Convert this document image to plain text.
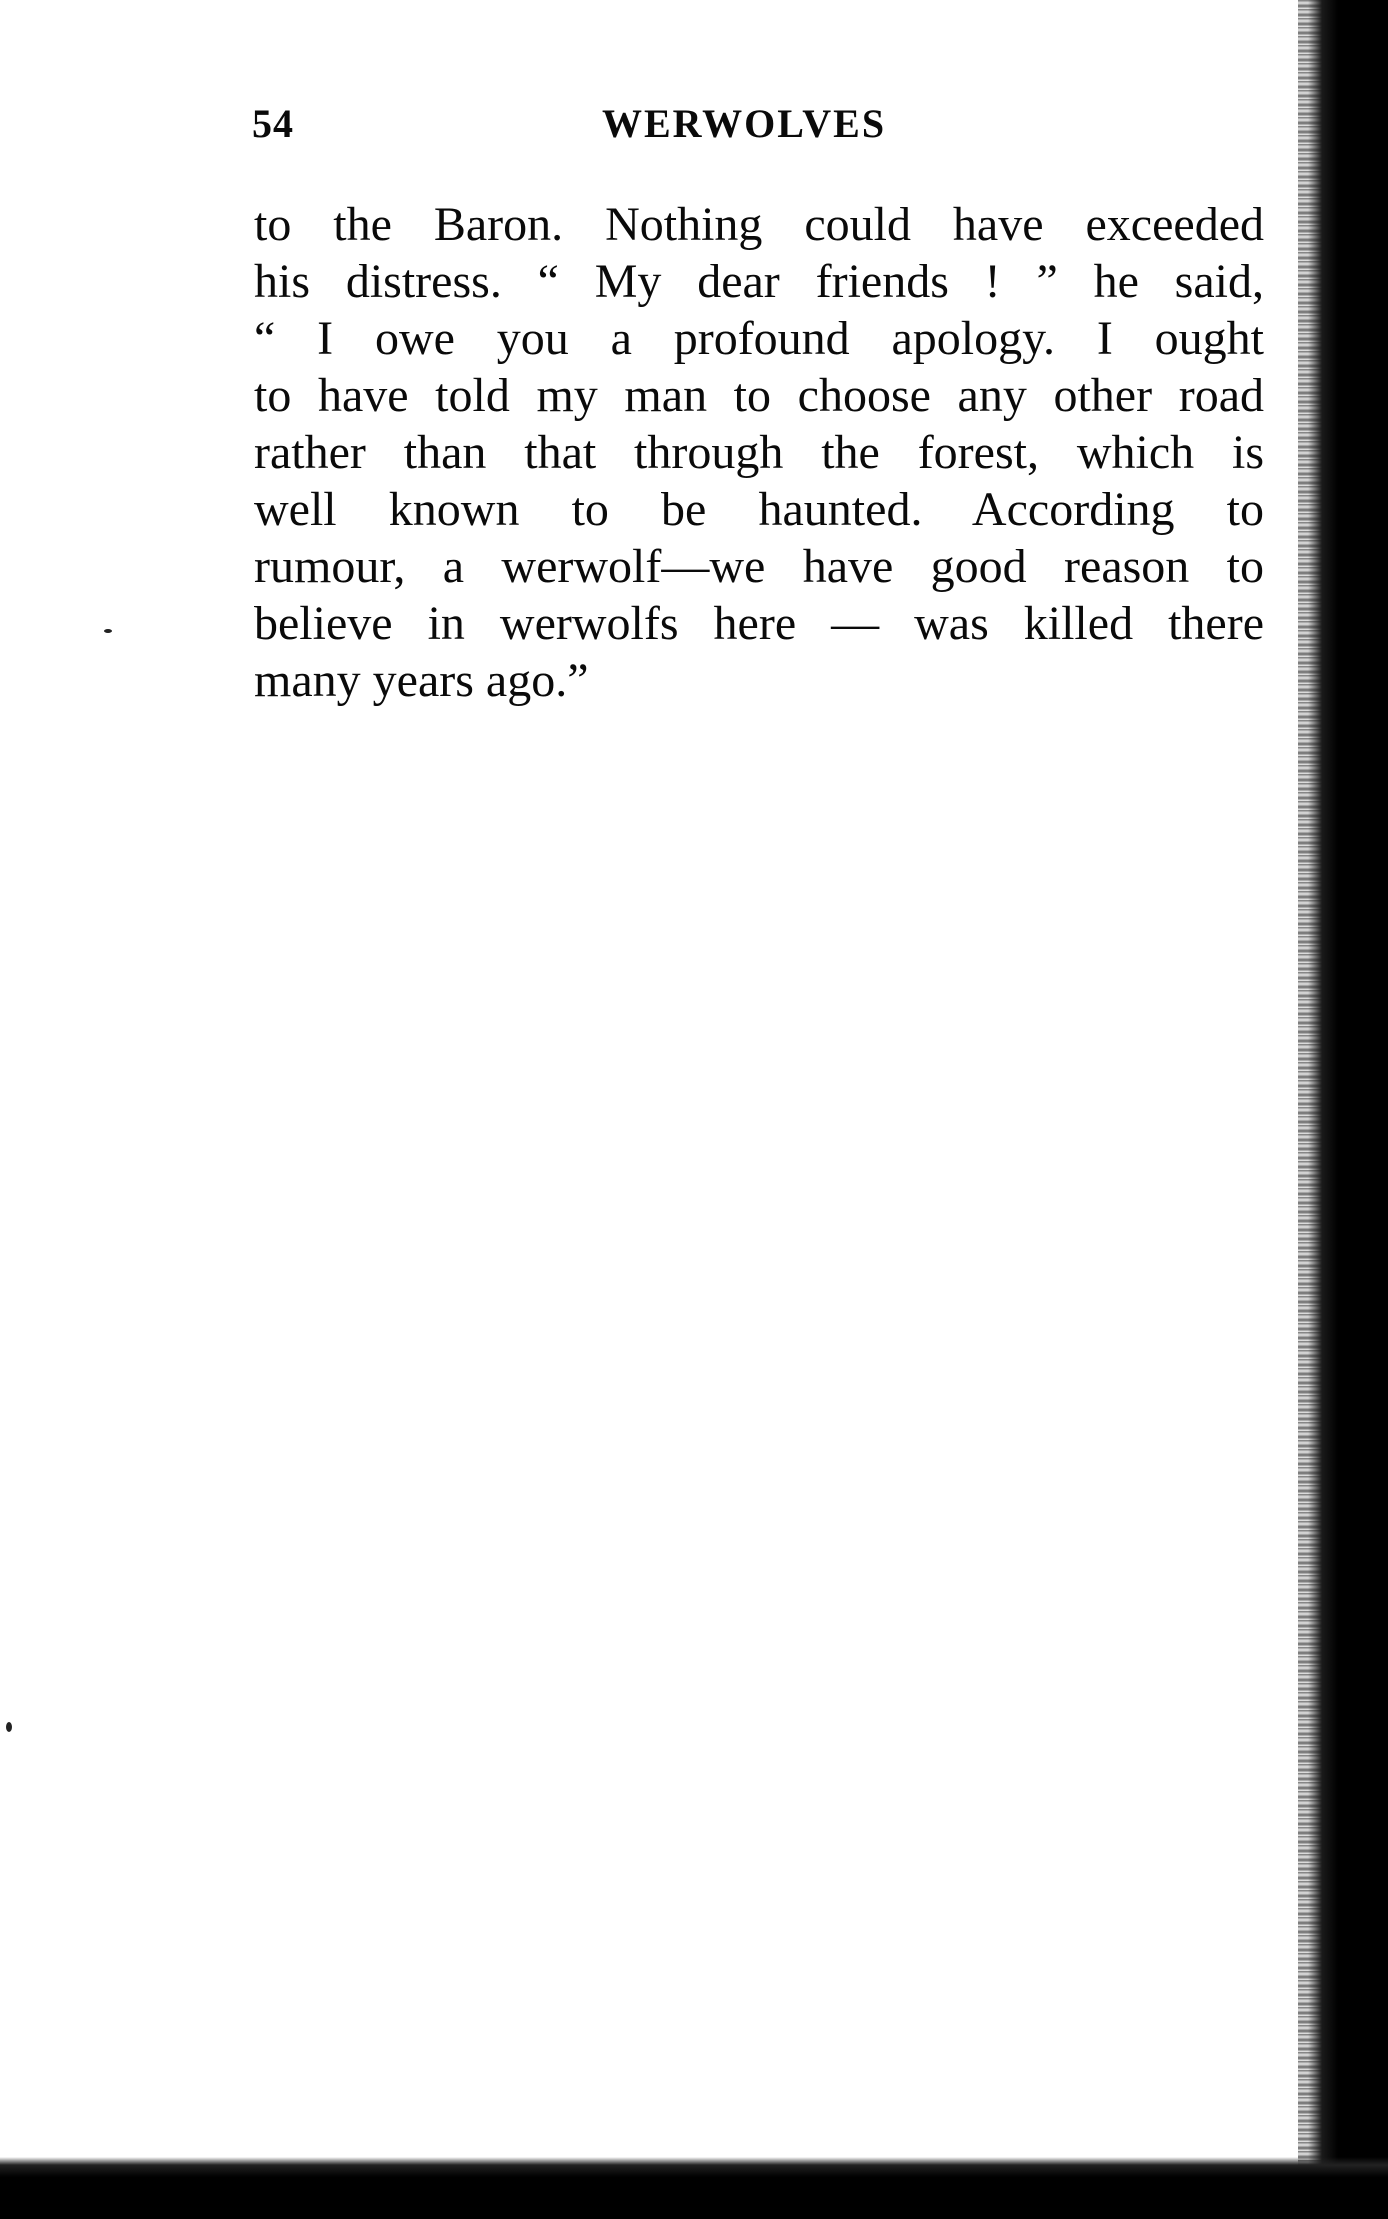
54	WERWOLVES
to the Baron. Nothing could have exceeded
his distress. “ My dear friends ! ” he said,
“ I owe you a profound apology. I ought
to have told my man to choose any other road
rather than that through the forest, which is
well known to be haunted. According to
rumour, a werwolf—we have good reason to
believe in werwolfs here — was killed there
many years ago.”
